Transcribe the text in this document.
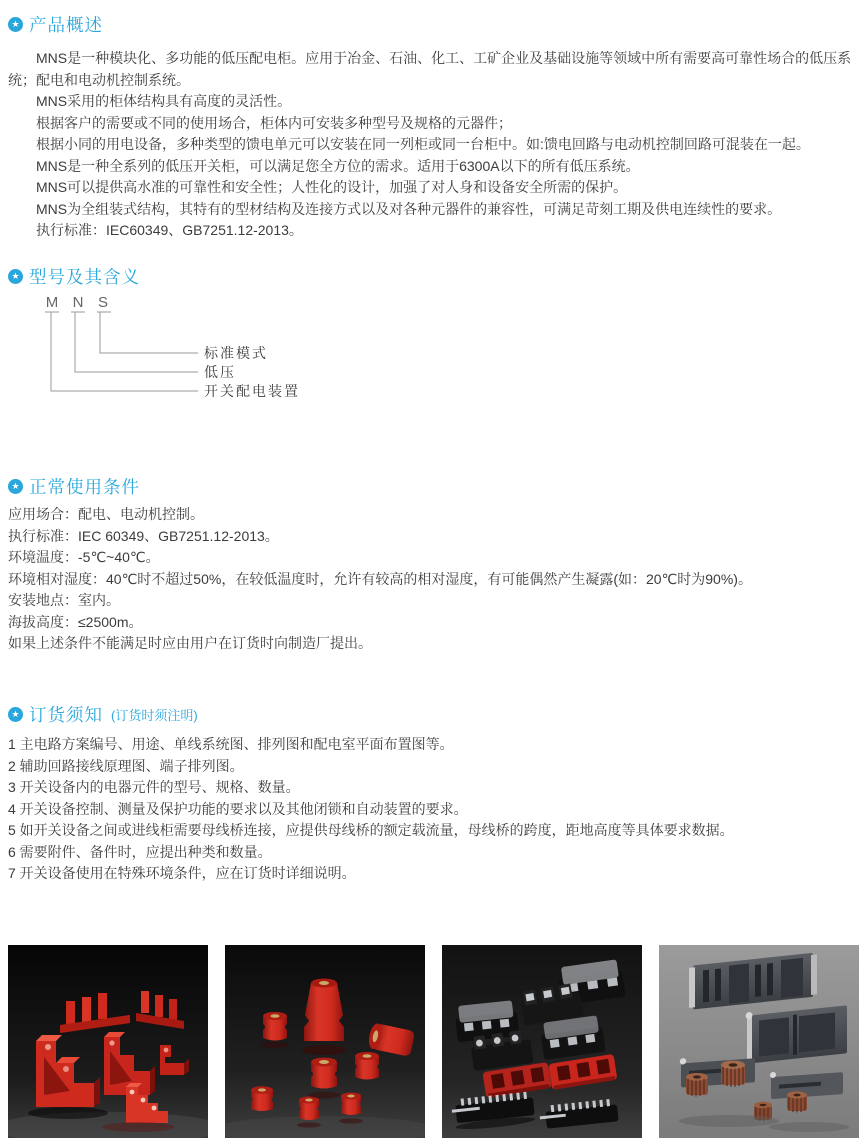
★ 产品概述

MNS是一种模块化、多功能的低压配电柜。应用于冶金、石油、化工、工矿企业及基础设施等领域中所有需要高可靠性场合的低压系统；配电和电动机控制系统。

MNS采用的柜体结构具有高度的灵活性。

根据客户的需要或不同的使用场合，柜体内可安装多种型号及规格的元器件；

根据小同的用电设备，多种类型的馈电单元可以安装在同一列柜或同一台柜中。如:馈电回路与电动机控制回路可混装在一起。

MNS是一种全系列的低压开关柜，可以满足您全方位的需求。适用于6300A以下的所有低压系统。

MNS可以提供高水准的可靠性和安全性；人性化的设计，加强了对人身和设备安全所需的保护。

MNS为全组装式结构，其特有的型材结构及连接方式以及对各种元器件的兼容性，可满足苛刻工期及供电连续性的要求。

执行标准：IEC60349、GB7251.12-2013。

★ 型号及其含义
M N S
标准模式
低压
开关配电装置
★ 正常使用条件

应用场合：配电、电动机控制。

执行标准：IEC 60349、GB7251.12-2013。

环境温度：-5℃~40℃。

环境相对湿度：40℃时不超过50%，在较低温度时，允许有较高的相对湿度，有可能偶然产生凝露(如：20℃时为90%)。

安装地点：室内。

海拔高度：≤2500m。

如果上述条件不能满足时应由用户在订货时向制造厂提出。

★ 订货须知 (订货时须注明)

1 主电路方案编号、用途、单线系统图、排列图和配电室平面布置图等。

2 辅助回路接线原理图、端子排列图。

3 开关设备内的电器元件的型号、规格、数量。

4 开关设备控制、测量及保护功能的要求以及其他闭锁和自动装置的要求。

5 如开关设备之间或进线柜需要母线桥连接，应提供母线桥的额定载流量，母线桥的跨度，距地高度等具体要求数据。

6 需要附件、备件时，应提出种类和数量。

7 开关设备使用在特殊环境条件，应在订货时详细说明。
